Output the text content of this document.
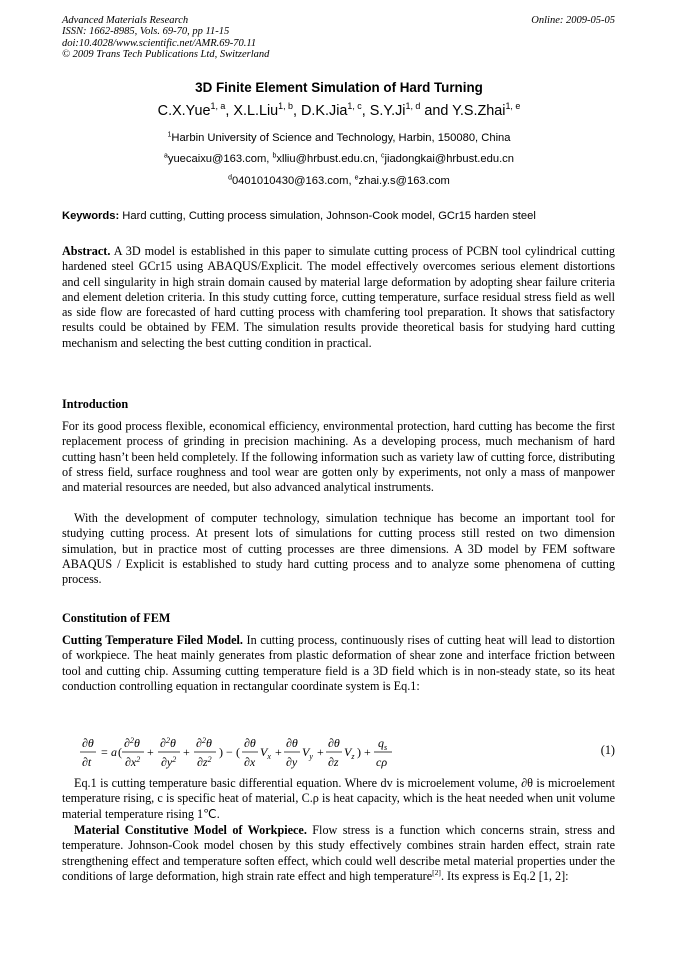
Advanced Materials Research
ISSN: 1662-8985, Vols. 69-70, pp 11-15
doi:10.4028/www.scientific.net/AMR.69-70.11
© 2009 Trans Tech Publications Ltd, Switzerland
Online: 2009-05-05
3D Finite Element Simulation of Hard Turning
C.X.Yue$^{1, a}$, X.L.Liu$^{1, b}$, D.K.Jia$^{1, c}$, S.Y.Ji$^{1, d}$ and Y.S.Zhai$^{1, e}$
$^1$Harbin University of Science and Technology, Harbin, 150080, China
$^a$yuecaixu@163.com, $^b$xlliu@hrbust.edu.cn, $^c$jiadongkai@hrbust.edu.cn
$^d$0401010430@163.com, $^e$zhai.y.s@163.com
Keywords: Hard cutting, Cutting process simulation, Johnson-Cook model, GCr15 harden steel
Abstract. A 3D model is established in this paper to simulate cutting process of PCBN tool cylindrical cutting hardened steel GCr15 using ABAQUS/Explicit. The model effectively overcomes serious element distortions and cell singularity in high strain domain caused by material large deformation by adopting shear failure criteria and element deletion criteria. In this study cutting force, cutting temperature, surface residual stress field as well as side flow are forecasted of hard cutting process with chamfering tool preparation. It shows that satisfactory results could be obtained by FEM. The simulation results provide theoretical basis for studying hard cutting mechanism and selecting the best cutting condition in practical.
Introduction
For its good process flexible, economical efficiency, environmental protection, hard cutting has become the first replacement process of grinding in precision machining. As a developing process, much mechanism of hard cutting hasn’t been held completely. If the following information such as variety law of cutting force, distributing of stress field, surface roughness and tool wear are gotten only by experiments, not only a mass of manpower and material resources are needed, but also advanced analytical instruments.
With the development of computer technology, simulation technique has become an important tool for studying cutting process. At present lots of simulations for cutting process still rested on two dimension simulation, but in practice most of cutting processes are three dimensions. A 3D model by FEM software ABAQUS / Explicit is established to study hard cutting process and to analyze some phenomena of cutting process.
Constitution of FEM
Cutting Temperature Filed Model. In cutting process, continuously rises of cutting heat will lead to distortion of workpiece. The heat mainly generates from plastic deformation of shear zone and interface friction between tool and cutting chip. Assuming cutting temperature field is a 3D field which is in non-steady state, so its heat conduction controlling equation in rectangular coordinate system is Eq.1:
∂θ
∂t
= a (
∂$^2$θ
$\partial x^2$
+
∂$^2$θ
$\partial y^2$
+
∂$^2$θ
$\partial z^2$
) − (
∂θ
∂x
$V_x$ +
∂θ
∂y
$V_y$ +
∂θ
∂z
$V_z$ ) +
$q_s$
cρ
(1)
Eq.1 is cutting temperature basic differential equation. Where dv is microelement volume, ∂θ is microelement temperature rising, c is specific heat of material, C.ρ is heat capacity, which is the heat needed when unit volume material temperature rising 1℃.
Material Constitutive Model of Workpiece. Flow stress is a function which concerns strain, stress and temperature. Johnson-Cook model chosen by this study effectively combines strain harden effect, strain rate strengthening effect and temperature soften effect, which could well describe metal material properties under the conditions of large deformation, high strain rate effect and high temperature[2]. Its express is Eq.2 [1, 2]:
